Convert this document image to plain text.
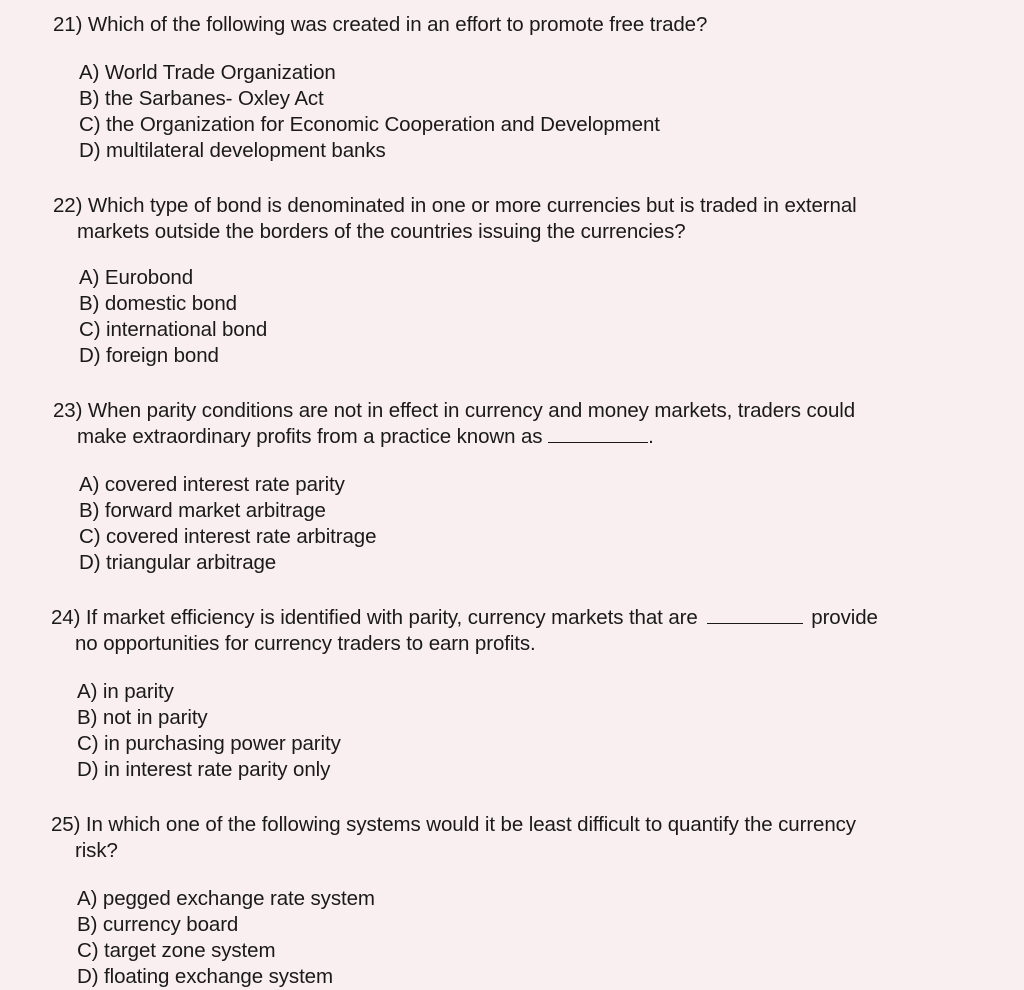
21) Which of the following was created in an effort to promote free trade?

A) World Trade Organization
B) the Sarbanes- Oxley Act
C) the Organization for Economic Cooperation and Development
D) multilateral development banks

22) Which type of bond is denominated in one or more currencies but is traded in external
markets outside the borders of the countries issuing the currencies?

A) Eurobond
B) domestic bond
C) international bond
D) foreign bond

23) When parity conditions are not in effect in currency and money markets, traders could
make extraordinary profits from a practice known as	.

A) covered interest rate parity
B) forward market arbitrage
C) covered interest rate arbitrage
D) triangular arbitrage

24) If market efficiency is identified with parity, currency markets that are	provide
no opportunities for currency traders to earn profits.

A) in parity
B) not in parity
C) in purchasing power parity
D) in interest rate parity only

25) In which one of the following systems would it be least difficult to quantify the currency
risk?

A) pegged exchange rate system
B) currency board
C) target zone system
D) floating exchange system
